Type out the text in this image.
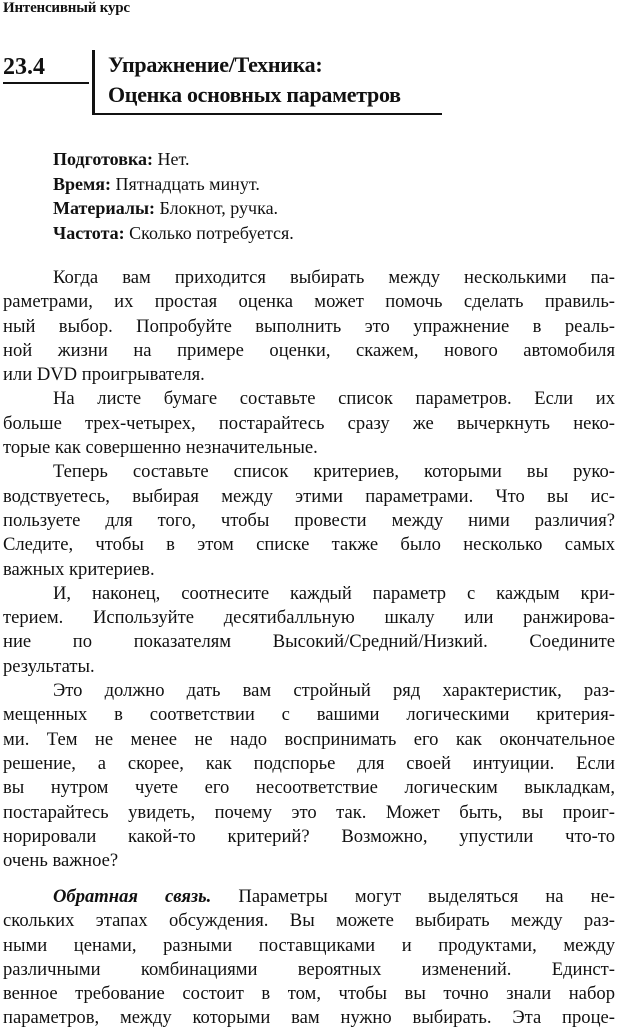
Интенсивный курс
23.4	Упражнение/Техника:
Оценка основных параметров
Подготовка: Нет.
Время: Пятнадцать минут.
Материалы: Блокнот, ручка.
Частота: Сколько потребуется.
Когда вам приходится выбирать между несколькими па-
раметрами, их простая оценка может помочь сделать правиль-
ный выбор. Попробуйте выполнить это упражнение в реаль-
ной жизни на примере оценки, скажем, нового автомобиля
или DVD проигрывателя.
На листе бумаге составьте список параметров. Если их
больше трех-четырех, постарайтесь сразу же вычеркнуть неко-
торые как совершенно незначительные.
Теперь составьте список критериев, которыми вы руко-
водствуетесь, выбирая между этими параметрами. Что вы ис-
пользуете для того, чтобы провести между ними различия?
Следите, чтобы в этом списке также было несколько самых
важных критериев.
И, наконец, соотнесите каждый параметр с каждым кри-
терием. Используйте десятибалльную шкалу или ранжирова-
ние по показателям Высокий/Средний/Низкий. Соедините
результаты.
Это должно дать вам стройный ряд характеристик, раз-
мещенных в соответствии с вашими логическими критерия-
ми. Тем не менее не надо воспринимать его как окончательное
решение, а скорее, как подспорье для своей интуиции. Если
вы нутром чуете его несоответствие логическим выкладкам,
постарайтесь увидеть, почему это так. Может быть, вы проиг-
норировали какой-то критерий? Возможно, упустили что-то
очень важное?
Обратная связь. Параметры могут выделяться на не-
скольких этапах обсуждения. Вы можете выбирать между раз-
ными ценами, разными поставщиками и продуктами, между
различными комбинациями вероятных изменений. Единст-
венное требование состоит в том, чтобы вы точно знали набор
параметров, между которыми вам нужно выбирать. Эта проце-
